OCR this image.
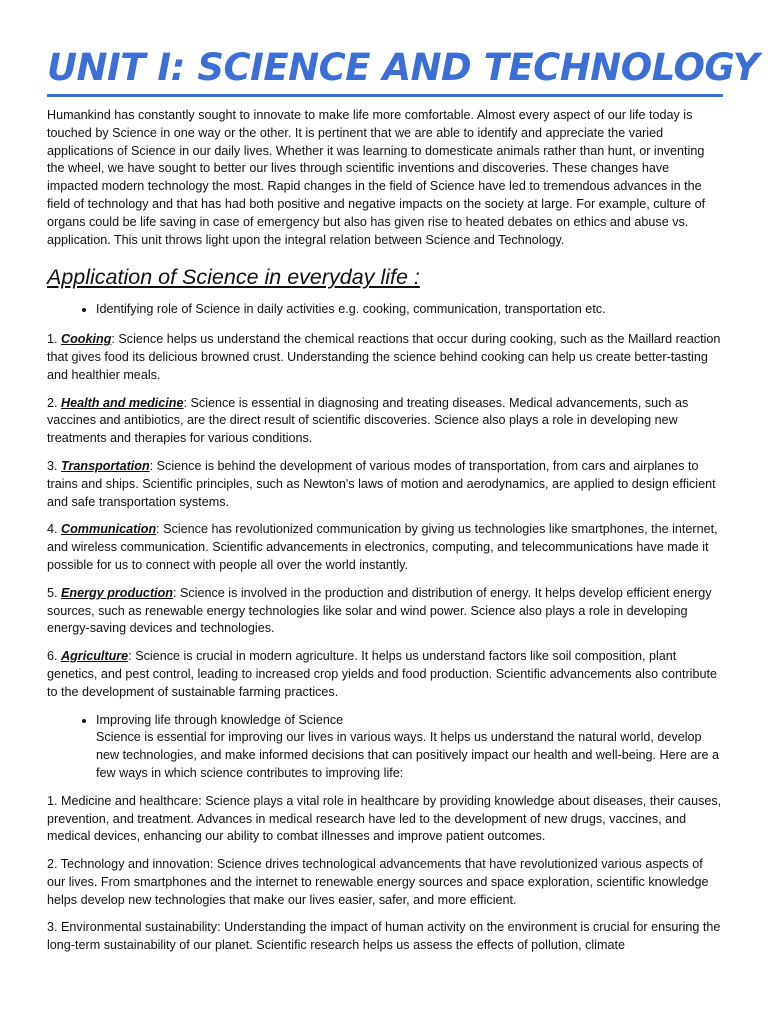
UNIT I: SCIENCE AND TECHNOLOGY

Humankind has constantly sought to innovate to make life more comfortable. Almost every aspect of our life today is touched by Science in one way or the other. It is pertinent that we are able to identify and appreciate the varied applications of Science in our daily lives. Whether it was learning to domesticate animals rather than hunt, or inventing the wheel, we have sought to better our lives through scientific inventions and discoveries. These changes have impacted modern technology the most. Rapid changes in the field of Science have led to tremendous advances in the field of technology and that has had both positive and negative impacts on the society at large. For example, culture of organs could be life saving in case of emergency but also has given rise to heated debates on ethics and abuse vs. application. This unit throws light upon the integral relation between Science and Technology.

Application of Science in everyday life :
• Identifying role of Science in daily activities e.g. cooking, communication, transportation etc.

1. Cooking: Science helps us understand the chemical reactions that occur during cooking, such as the Maillard reaction that gives food its delicious browned crust. Understanding the science behind cooking can help us create better-tasting and healthier meals.

2. Health and medicine: Science is essential in diagnosing and treating diseases. Medical advancements, such as vaccines and antibiotics, are the direct result of scientific discoveries. Science also plays a role in developing new treatments and therapies for various conditions.

3. Transportation: Science is behind the development of various modes of transportation, from cars and airplanes to trains and ships. Scientific principles, such as Newton's laws of motion and aerodynamics, are applied to design efficient and safe transportation systems.

4. Communication: Science has revolutionized communication by giving us technologies like smartphones, the internet, and wireless communication. Scientific advancements in electronics, computing, and telecommunications have made it possible for us to connect with people all over the world instantly.

5. Energy production: Science is involved in the production and distribution of energy. It helps develop efficient energy sources, such as renewable energy technologies like solar and wind power. Science also plays a role in developing energy-saving devices and technologies.

6. Agriculture: Science is crucial in modern agriculture. It helps us understand factors like soil composition, plant genetics, and pest control, leading to increased crop yields and food production. Scientific advancements also contribute to the development of sustainable farming practices.

• Improving life through knowledge of Science
Science is essential for improving our lives in various ways. It helps us understand the natural world, develop new technologies, and make informed decisions that can positively impact our health and well-being. Here are a few ways in which science contributes to improving life:

1. Medicine and healthcare: Science plays a vital role in healthcare by providing knowledge about diseases, their causes, prevention, and treatment. Advances in medical research have led to the development of new drugs, vaccines, and medical devices, enhancing our ability to combat illnesses and improve patient outcomes.

2. Technology and innovation: Science drives technological advancements that have revolutionized various aspects of our lives. From smartphones and the internet to renewable energy sources and space exploration, scientific knowledge helps develop new technologies that make our lives easier, safer, and more efficient.

3. Environmental sustainability: Understanding the impact of human activity on the environment is crucial for ensuring the long-term sustainability of our planet. Scientific research helps us assess the effects of pollution, climate
